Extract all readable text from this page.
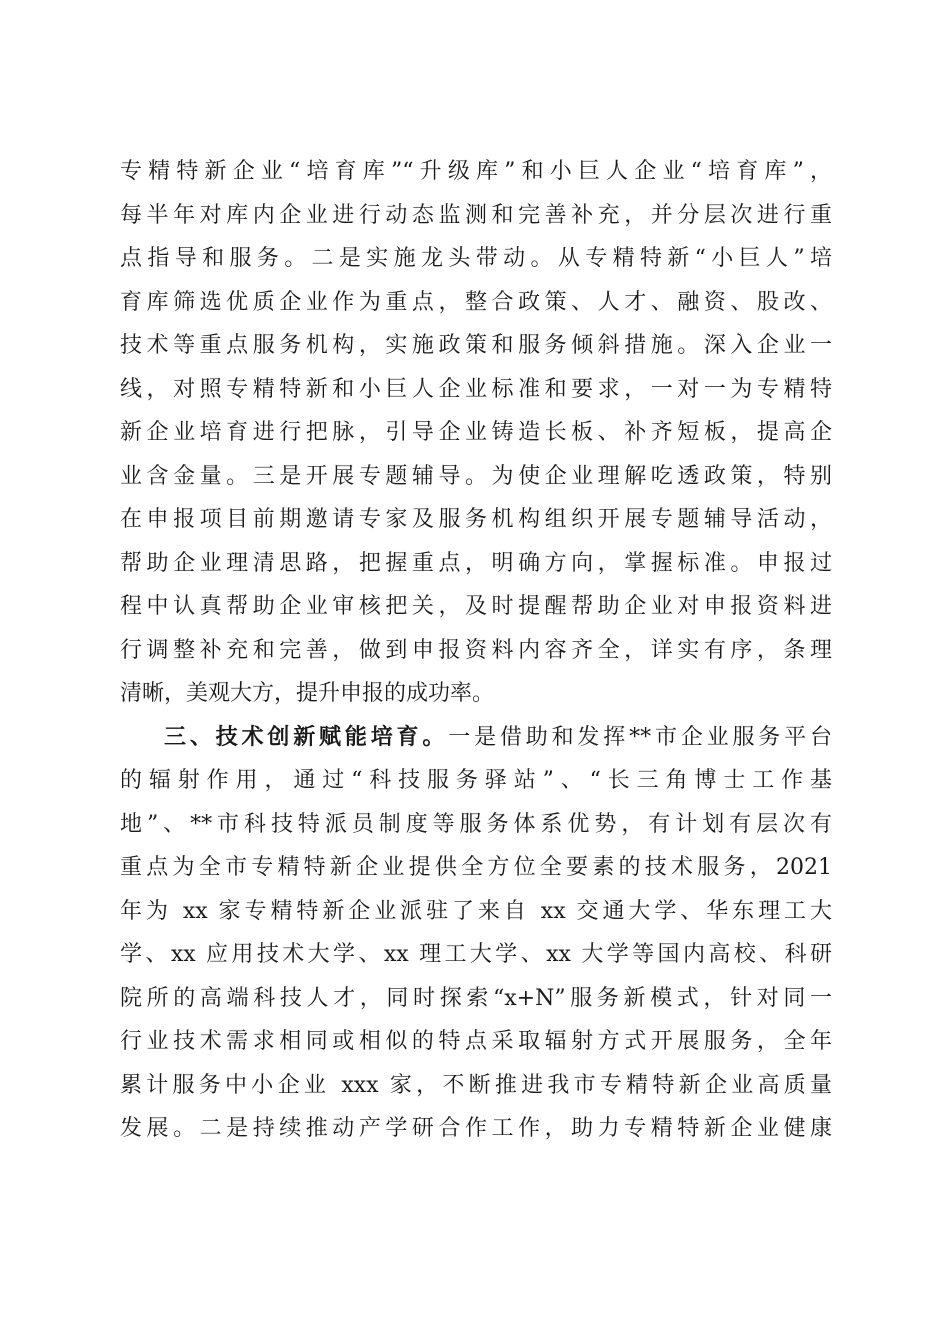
专精特新企业“培育库”“升级库”和小巨人企业“培育库”，
每半年对库内企业进行动态监测和完善补充，并分层次进行重
点指导和服务。二是实施龙头带动。从专精特新“小巨人”培
育库筛选优质企业作为重点，整合政策、人才、融资、股改、
技术等重点服务机构，实施政策和服务倾斜措施。深入企业一
线，对照专精特新和小巨人企业标准和要求，一对一为专精特
新企业培育进行把脉，引导企业铸造长板、补齐短板，提高企
业含金量。三是开展专题辅导。为使企业理解吃透政策，特别
在申报项目前期邀请专家及服务机构组织开展专题辅导活动，
帮助企业理清思路，把握重点，明确方向，掌握标准。申报过
程中认真帮助企业审核把关，及时提醒帮助企业对申报资料进
行调整补充和完善，做到申报资料内容齐全，详实有序，条理
清晰，美观大方，提升申报的成功率。
三、技术创新赋能培育。一是借助和发挥**市企业服务平台
的辐射作用，通过“科技服务驿站”、“长三角博士工作基
地”、**市科技特派员制度等服务体系优势，有计划有层次有
重点为全市专精特新企业提供全方位全要素的技术服务，2021
年为 xx 家专精特新企业派驻了来自 xx 交通大学、华东理工大
学、xx 应用技术大学、xx 理工大学、xx 大学等国内高校、科研
院所的高端科技人才，同时探索“x+N”服务新模式，针对同一
行业技术需求相同或相似的特点采取辐射方式开展服务，全年
累计服务中小企业 xxx 家，不断推进我市专精特新企业高质量
发展。二是持续推动产学研合作工作，助力专精特新企业健康
